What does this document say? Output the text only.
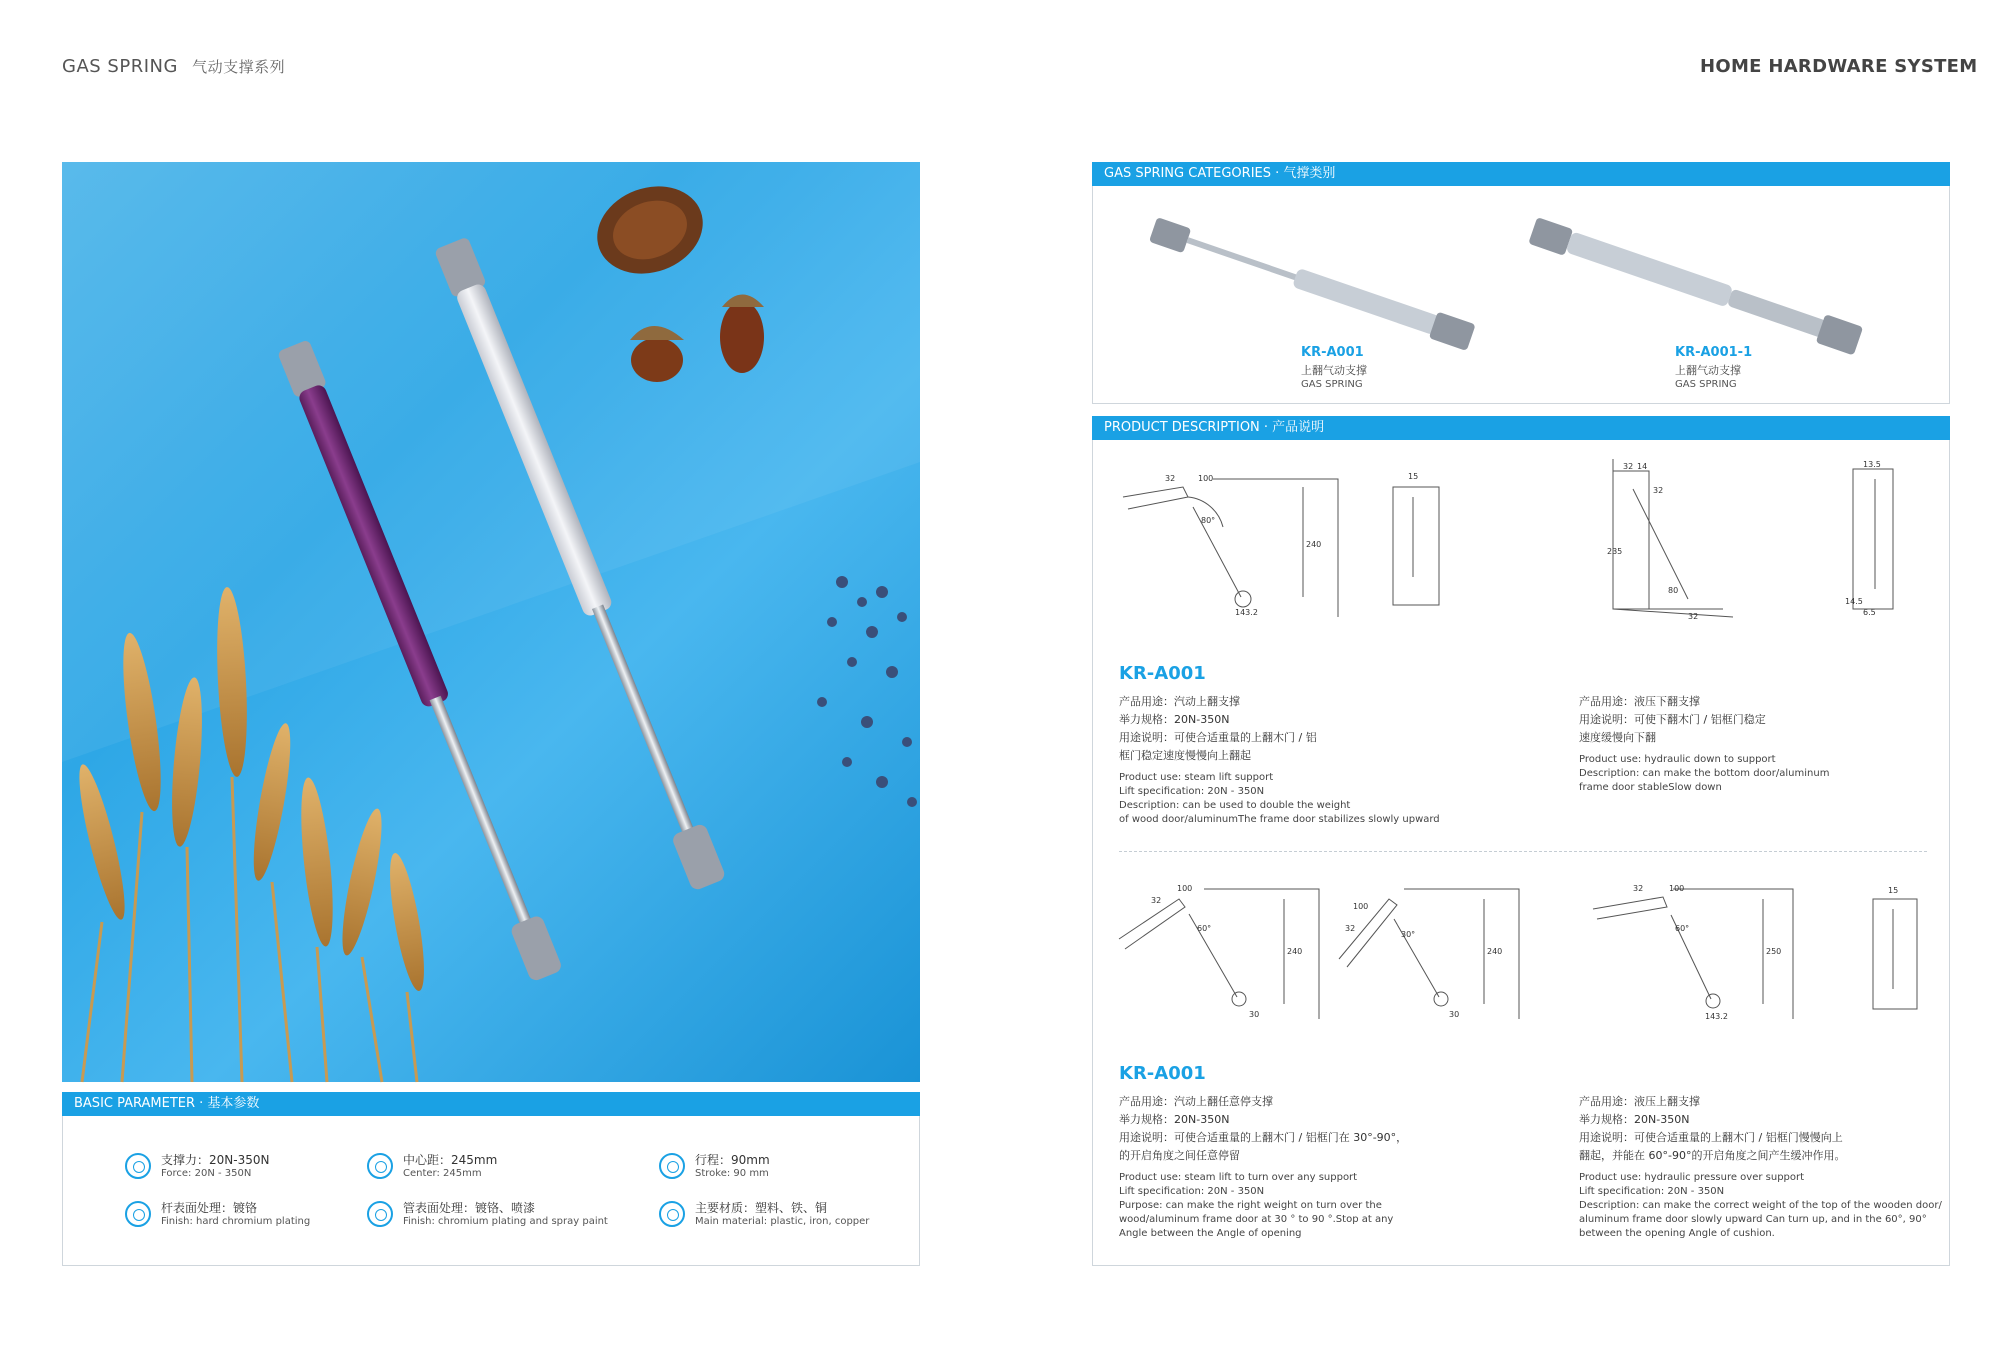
GAS SPRING 气动支撑系列	HOME HARDWARE SYSTEM
BASIC PARAMETER · 基本参数
支撑力：20N-350N
Force: 20N - 350N
中心距：245mm
Center: 245mm
行程：90mm
Stroke: 90 mm
杆表面处理：镀铬
Finish: hard chromium plating
管表面处理：镀铬、喷漆
Finish: chromium plating and spray paint
主要材质：塑料、铁、铜
Main material: plastic, iron, copper
GAS SPRING CATEGORIES · 气撑类别
KR-A001
上翻气动支撑
GAS SPRING
KR-A001-1
上翻气动支撑
GAS SPRING
PRODUCT DESCRIPTION · 产品说明
32	100
80°
240
143.2
15
32 14
32
235
80
32
13.5
14.5
6.5
KR-A001
产品用途：汽动上翻支撑
举力规格：20N-350N
用途说明：可使合适重量的上翻木门 / 铝
框门稳定速度慢慢向上翻起
Product use: steam lift support
Lift specification: 20N - 350N
Description: can be used to double the weight
of wood door/aluminumThe frame door stabilizes slowly upward
产品用途：液压下翻支撑
用途说明：可使下翻木门 / 铝框门稳定
速度缓慢向下翻
Product use: hydraulic down to support
Description: can make the bottom door/aluminum
frame door stableSlow down
100
32
60°
240
30
100
32
30°
240
30
32	100
60°
250
143.2
15
KR-A001
产品用途：汽动上翻任意停支撑
举力规格：20N-350N
用途说明：可使合适重量的上翻木门 / 铝框门在 30°-90°，
的开启角度之间任意停留
Product use: steam lift to turn over any support
Lift specification: 20N - 350N
Purpose: can make the right weight on turn over the
wood/aluminum frame door at 30 ° to 90 °.Stop at any
Angle between the Angle of opening
产品用途：液压上翻支撑
举力规格：20N-350N
用途说明：可使合适重量的上翻木门 / 铝框门慢慢向上
翻起，并能在 60°-90°的开启角度之间产生缓冲作用。
Product use: hydraulic pressure over support
Lift specification: 20N - 350N
Description: can make the correct weight of the top of the wooden door/
aluminum frame door slowly upward Can turn up, and in the 60°, 90°
between the opening Angle of cushion.
